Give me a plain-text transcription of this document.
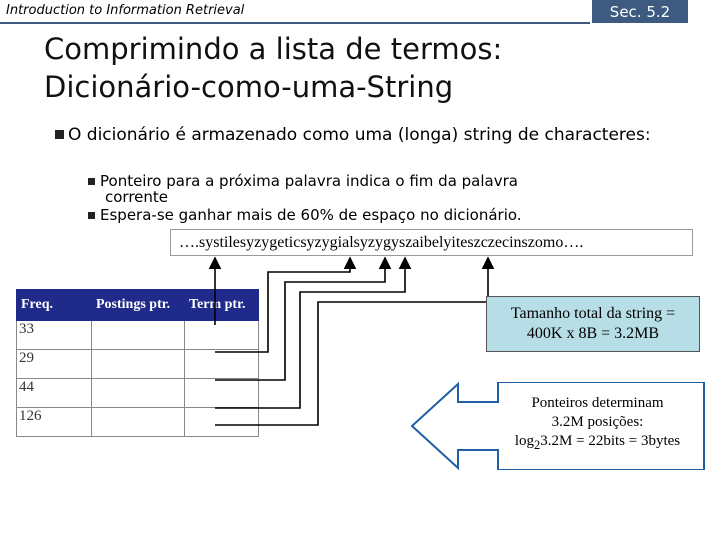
Introduction to Information Retrieval	Sec. 5.2
Comprimindo a lista de termos:
Dicionário-como-uma-String
O dicionário é armazenado como uma (longa) string de characteres:
Ponteiro para a próxima palavra indica o fim da palavra
corrente
Espera-se ganhar mais de 60% de espaço no dicionário.
….systilesyzygeticsyzygialsyzygyszaibelyiteszczecinszomo….
Freq.	Postings ptr.	Term ptr.
33		
29		
44		
126		
Tamanho total da string =
400K x 8B = 3.2MB
Ponteiros determinam
3.2M posições:
$\log_23.2M$ = 22bits = 3bytes
